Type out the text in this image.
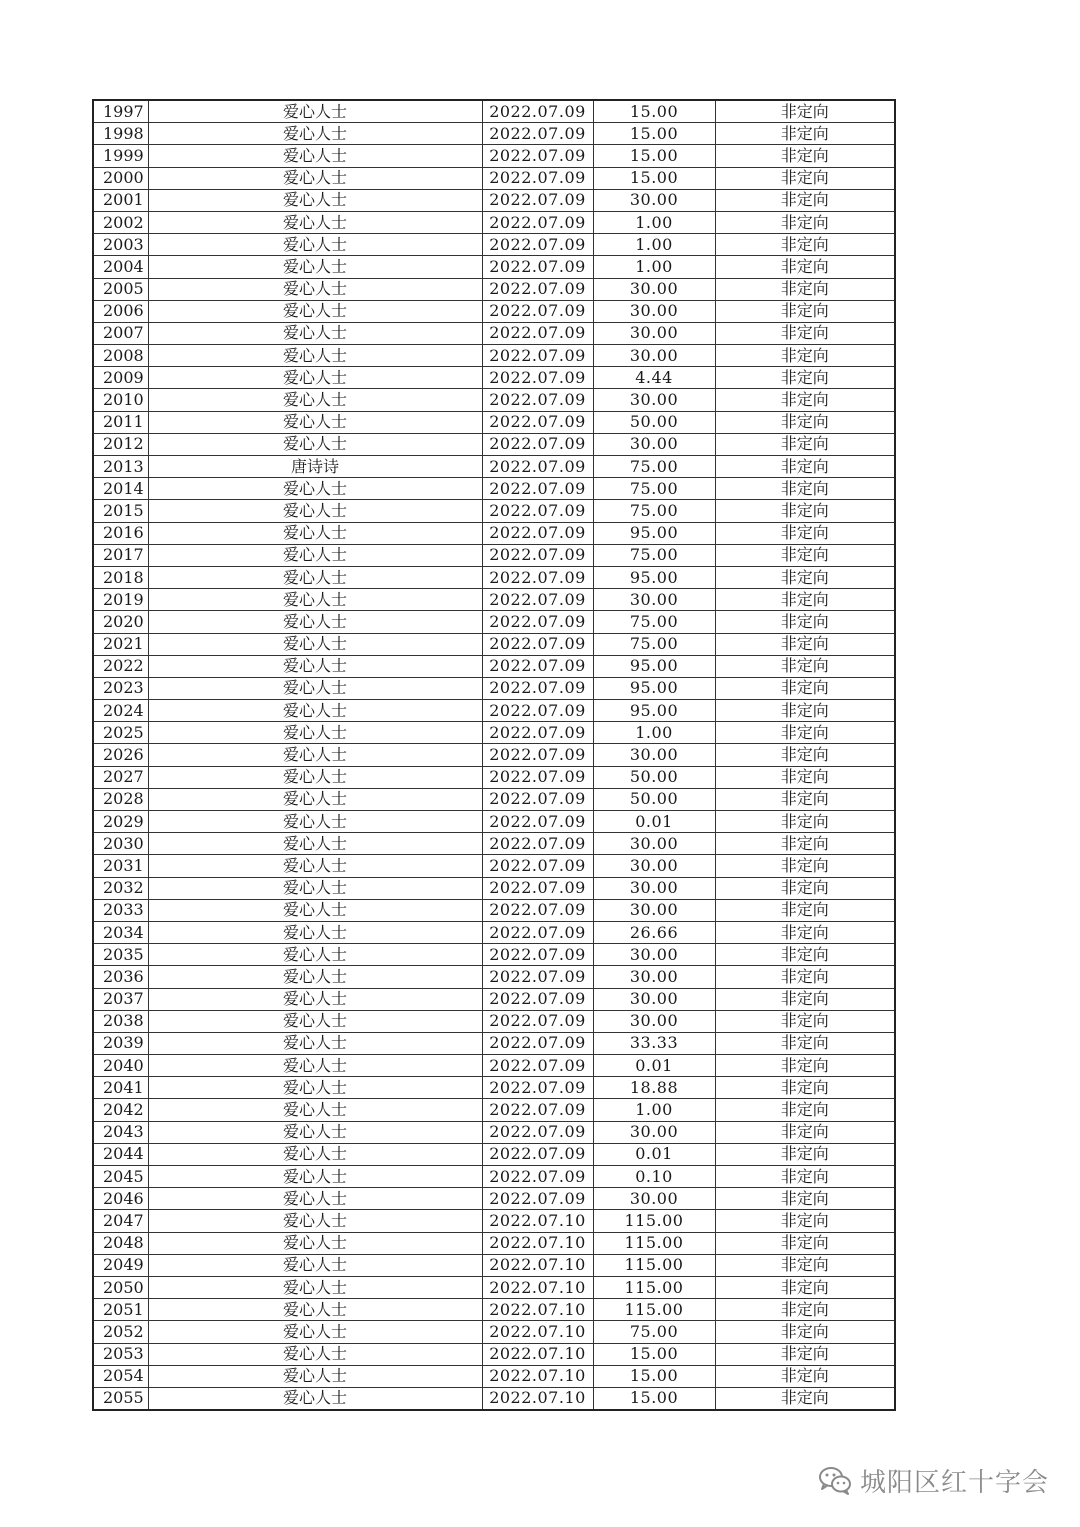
1997	爱心人士	2022.07.09	15.00	非定向
1998	爱心人士	2022.07.09	15.00	非定向
1999	爱心人士	2022.07.09	15.00	非定向
2000	爱心人士	2022.07.09	15.00	非定向
2001	爱心人士	2022.07.09	30.00	非定向
2002	爱心人士	2022.07.09	1.00	非定向
2003	爱心人士	2022.07.09	1.00	非定向
2004	爱心人士	2022.07.09	1.00	非定向
2005	爱心人士	2022.07.09	30.00	非定向
2006	爱心人士	2022.07.09	30.00	非定向
2007	爱心人士	2022.07.09	30.00	非定向
2008	爱心人士	2022.07.09	30.00	非定向
2009	爱心人士	2022.07.09	4.44	非定向
2010	爱心人士	2022.07.09	30.00	非定向
2011	爱心人士	2022.07.09	50.00	非定向
2012	爱心人士	2022.07.09	30.00	非定向
2013	唐诗诗	2022.07.09	75.00	非定向
2014	爱心人士	2022.07.09	75.00	非定向
2015	爱心人士	2022.07.09	75.00	非定向
2016	爱心人士	2022.07.09	95.00	非定向
2017	爱心人士	2022.07.09	75.00	非定向
2018	爱心人士	2022.07.09	95.00	非定向
2019	爱心人士	2022.07.09	30.00	非定向
2020	爱心人士	2022.07.09	75.00	非定向
2021	爱心人士	2022.07.09	75.00	非定向
2022	爱心人士	2022.07.09	95.00	非定向
2023	爱心人士	2022.07.09	95.00	非定向
2024	爱心人士	2022.07.09	95.00	非定向
2025	爱心人士	2022.07.09	1.00	非定向
2026	爱心人士	2022.07.09	30.00	非定向
2027	爱心人士	2022.07.09	50.00	非定向
2028	爱心人士	2022.07.09	50.00	非定向
2029	爱心人士	2022.07.09	0.01	非定向
2030	爱心人士	2022.07.09	30.00	非定向
2031	爱心人士	2022.07.09	30.00	非定向
2032	爱心人士	2022.07.09	30.00	非定向
2033	爱心人士	2022.07.09	30.00	非定向
2034	爱心人士	2022.07.09	26.66	非定向
2035	爱心人士	2022.07.09	30.00	非定向
2036	爱心人士	2022.07.09	30.00	非定向
2037	爱心人士	2022.07.09	30.00	非定向
2038	爱心人士	2022.07.09	30.00	非定向
2039	爱心人士	2022.07.09	33.33	非定向
2040	爱心人士	2022.07.09	0.01	非定向
2041	爱心人士	2022.07.09	18.88	非定向
2042	爱心人士	2022.07.09	1.00	非定向
2043	爱心人士	2022.07.09	30.00	非定向
2044	爱心人士	2022.07.09	0.01	非定向
2045	爱心人士	2022.07.09	0.10	非定向
2046	爱心人士	2022.07.09	30.00	非定向
2047	爱心人士	2022.07.10	115.00	非定向
2048	爱心人士	2022.07.10	115.00	非定向
2049	爱心人士	2022.07.10	115.00	非定向
2050	爱心人士	2022.07.10	115.00	非定向
2051	爱心人士	2022.07.10	115.00	非定向
2052	爱心人士	2022.07.10	75.00	非定向
2053	爱心人士	2022.07.10	15.00	非定向
2054	爱心人士	2022.07.10	15.00	非定向
2055	爱心人士	2022.07.10	15.00	非定向
城阳区红十字会
